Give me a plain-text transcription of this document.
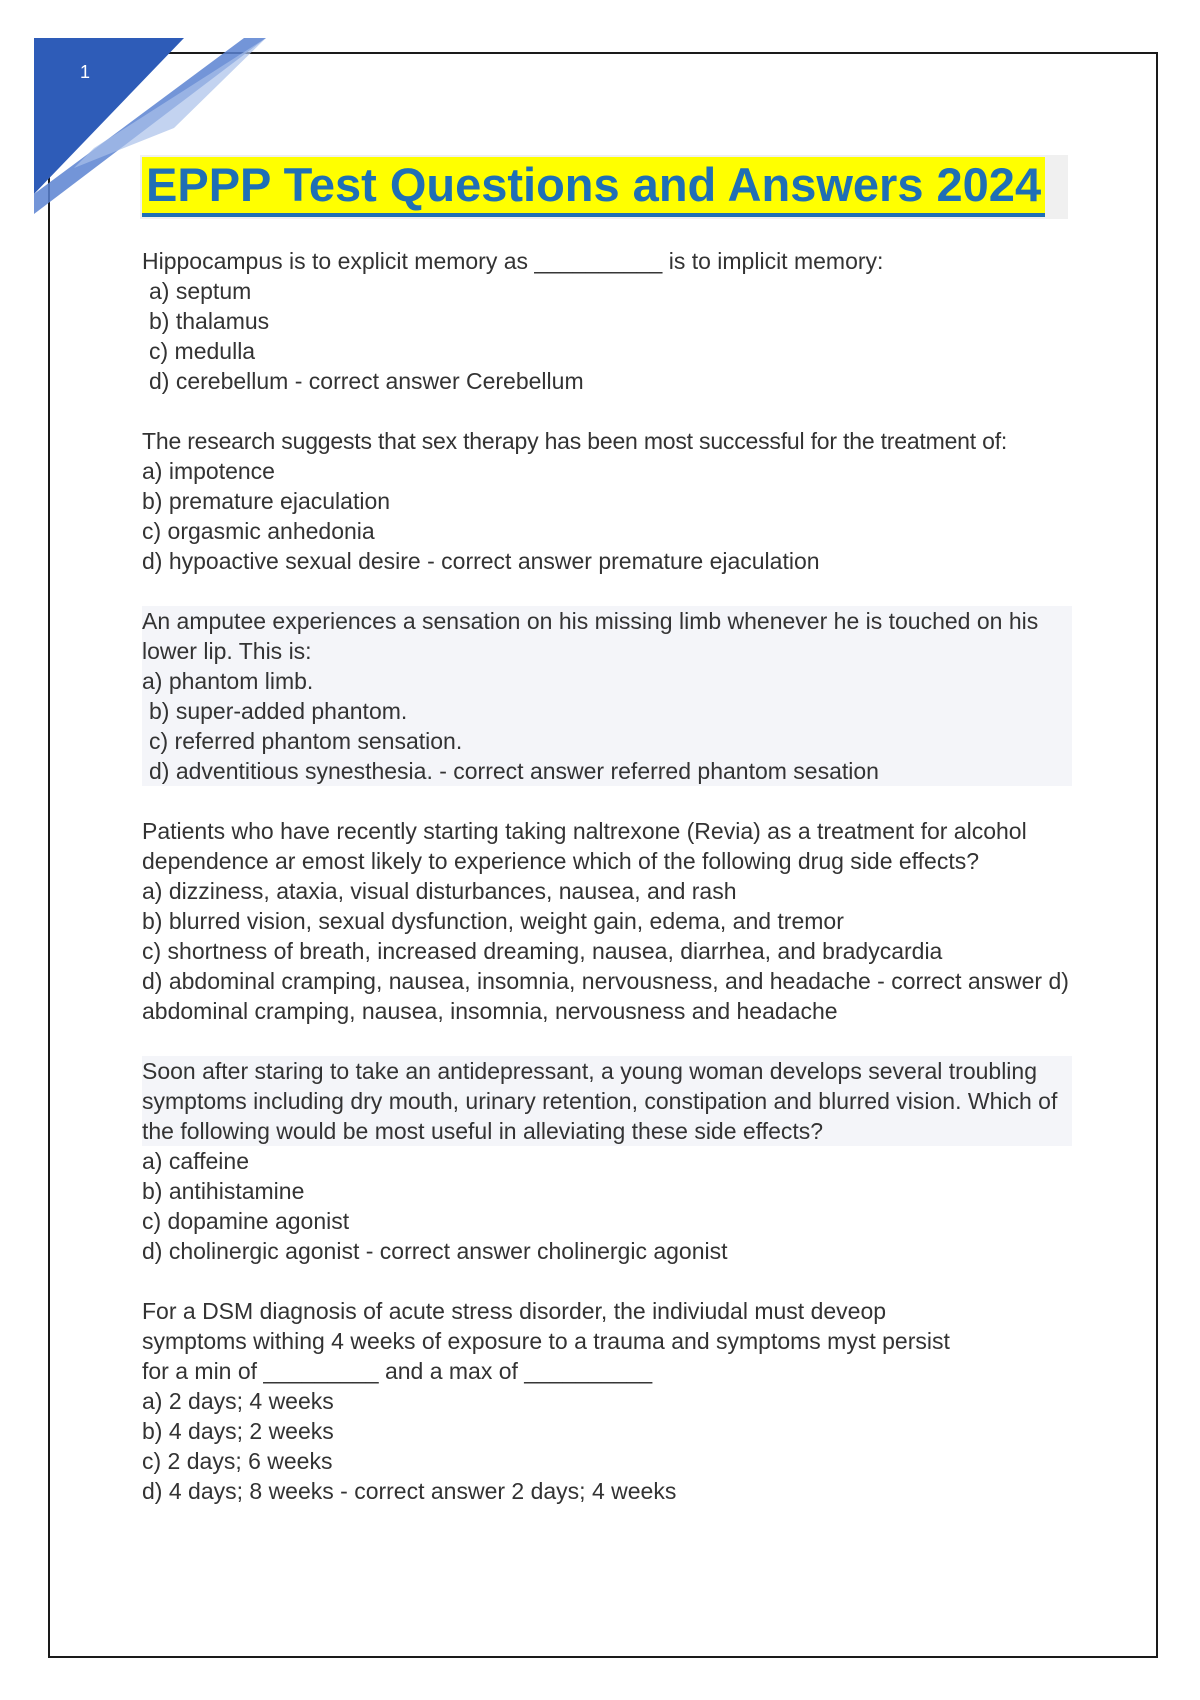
1
EPPP Test Questions and Answers 2024
Hippocampus is to explicit memory as __________ is to implicit memory:
a) septum
b) thalamus
c) medulla
d) cerebellum - correct answer Cerebellum
The research suggests that sex therapy has been most successful for the treatment of:
a) impotence
b) premature ejaculation
c) orgasmic anhedonia
d) hypoactive sexual desire - correct answer premature ejaculation
An amputee experiences a sensation on his missing limb whenever he is touched on his lower lip. This is:
a) phantom limb.
b) super-added phantom.
c) referred phantom sensation.
d) adventitious synesthesia. - correct answer referred phantom sesation
Patients who have recently starting taking naltrexone (Revia) as a treatment for alcohol dependence ar emost likely to experience which of the following drug side effects?
a) dizziness, ataxia, visual disturbances, nausea, and rash
b) blurred vision, sexual dysfunction, weight gain, edema, and tremor
c) shortness of breath, increased dreaming, nausea, diarrhea, and bradycardia
d) abdominal cramping, nausea, insomnia, nervousness, and headache - correct answer d) abdominal cramping, nausea, insomnia, nervousness and headache
Soon after staring to take an antidepressant, a young woman develops several troubling symptoms including dry mouth, urinary retention, constipation and blurred vision. Which of the following would be most useful in alleviating these side effects?
a) caffeine
b) antihistamine
c) dopamine agonist
d) cholinergic agonist - correct answer cholinergic agonist
For a DSM diagnosis of acute stress disorder, the indiviudal must deveop symptoms withing 4 weeks of exposure to a trauma and symptoms myst persist for a min of _________ and a max of __________
a) 2 days; 4 weeks
b) 4 days; 2 weeks
c) 2 days; 6 weeks
d) 4 days; 8 weeks - correct answer 2 days; 4 weeks
